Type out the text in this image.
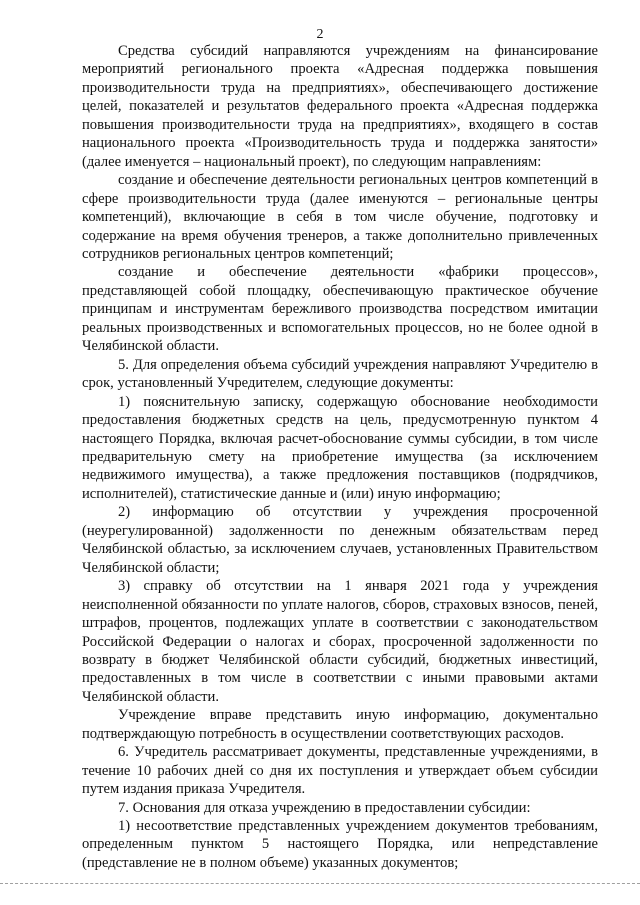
2

Средства субсидий направляются учреждениям на финансирование мероприятий регионального проекта «Адресная поддержка повышения производительности труда на предприятиях», обеспечивающего достижение целей, показателей и результатов федерального проекта «Адресная поддержка повышения производительности труда на предприятиях», входящего в состав национального проекта «Производительность труда и поддержка занятости» (далее именуется – национальный проект), по следующим направлениям:

создание и обеспечение деятельности региональных центров компетенций в сфере производительности труда (далее именуются – региональные центры компетенций), включающие в себя в том числе обучение, подготовку и содержание на время обучения тренеров, а также дополнительно привлеченных сотрудников региональных центров компетенций;

создание и обеспечение деятельности «фабрики процессов», представляющей собой площадку, обеспечивающую практическое обучение принципам и инструментам бережливого производства посредством имитации реальных производственных и вспомогательных процессов, но не более одной в Челябинской области.

5. Для определения объема субсидий учреждения направляют Учредителю в срок, установленный Учредителем, следующие документы:

1) пояснительную записку, содержащую обоснование необходимости предоставления бюджетных средств на цель, предусмотренную пунктом 4 настоящего Порядка, включая расчет-обоснование суммы субсидии, в том числе предварительную смету на приобретение имущества (за исключением недвижимого имущества), а также предложения поставщиков (подрядчиков, исполнителей), статистические данные и (или) иную информацию;

2) информацию об отсутствии у учреждения просроченной (неурегулированной) задолженности по денежным обязательствам перед Челябинской областью, за исключением случаев, установленных Правительством Челябинской области;

3) справку об отсутствии на 1 января 2021 года у учреждения неисполненной обязанности по уплате налогов, сборов, страховых взносов, пеней, штрафов, процентов, подлежащих уплате в соответствии с законодательством Российской Федерации о налогах и сборах, просроченной задолженности по возврату в бюджет Челябинской области субсидий, бюджетных инвестиций, предоставленных в том числе в соответствии с иными правовыми актами Челябинской области.

Учреждение вправе представить иную информацию, документально подтверждающую потребность в осуществлении соответствующих расходов.

6. Учредитель рассматривает документы, представленные учреждениями, в течение 10 рабочих дней со дня их поступления и утверждает объем субсидии путем издания приказа Учредителя.

7. Основания для отказа учреждению в предоставлении субсидии:

1) несоответствие представленных учреждением документов требованиям, определенным пунктом 5 настоящего Порядка, или непредставление (представление не в полном объеме) указанных документов;
